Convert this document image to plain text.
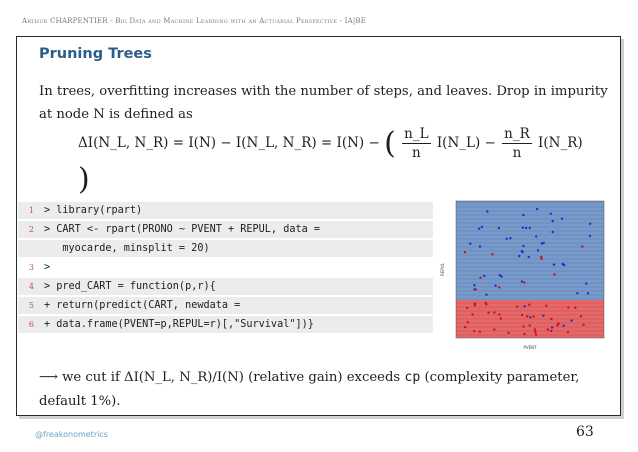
Arthur CHARPENTIER - Big Data and Machine Learning with an Actuarial Perspective - IA|BE
Pruning Trees
In trees, overfitting increases with the number of steps, and leaves. Drop in impurity at node N is defined as
ΔI(N_L, N_R) = I(N) − I(N_L, N_R) = I(N) − ( $\frac{n\_L}{n}$ I(N_L) − $\frac{n\_R}{n}$ I(N_R) )
1 > library(rpart)
2 > CART <- rpart(PRONO ~ PVENT + REPUL, data =
myocarde, minsplit = 20)
3 >
4 > pred_CART = function(p,r){
5 + return(predict(CART, newdata =
6 + data.frame(PVENT=p,REPUL=r)[,"Survival"])}
PVENT
REPUL
⟶ we cut if ΔI(N_L, N_R)/I(N) (relative gain) exceeds cp (complexity parameter, default 1%).
@freakonometrics	63
